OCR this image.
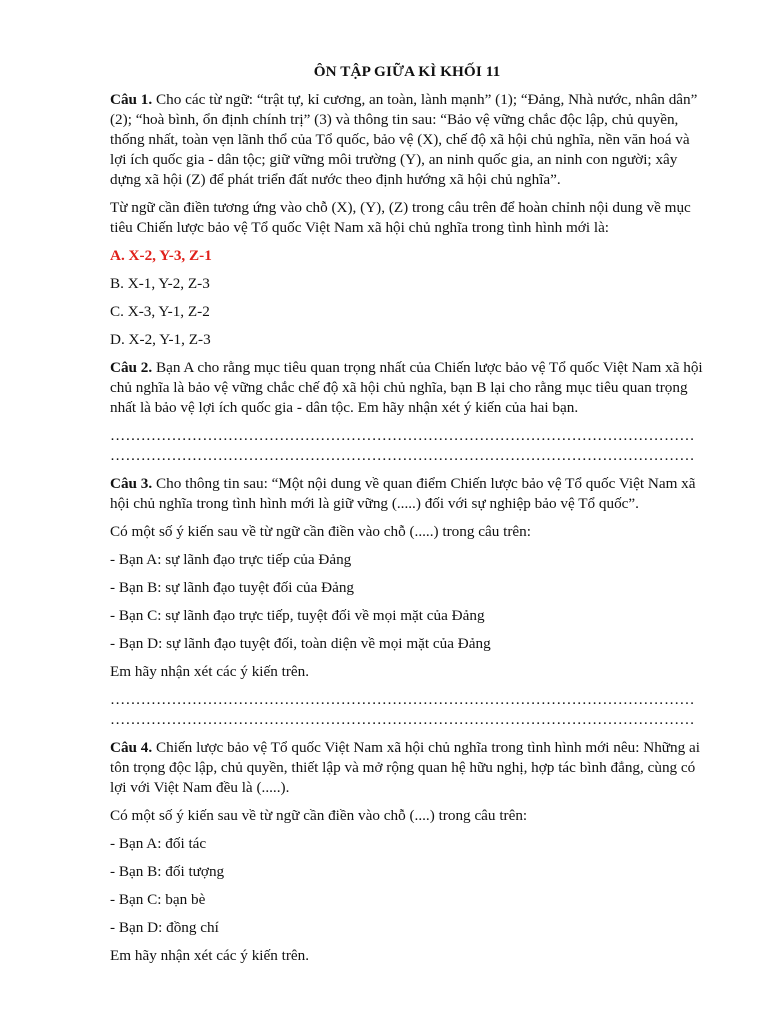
ÔN TẬP GIỮA KÌ KHỐI 11

Câu 1. Cho các từ ngữ: “trật tự, kỉ cương, an toàn, lành mạnh” (1); “Đảng, Nhà nước, nhân dân” (2); “hoà bình, ổn định chính trị” (3) và thông tin sau: “Bảo vệ vững chắc độc lập, chủ quyền, thống nhất, toàn vẹn lãnh thổ của Tổ quốc, bảo vệ (X), chế độ xã hội chủ nghĩa, nền văn hoá và lợi ích quốc gia - dân tộc; giữ vững môi trường (Y), an ninh quốc gia, an ninh con người; xây dựng xã hội (Z) để phát triển đất nước theo định hướng xã hội chủ nghĩa”.

Từ ngữ cần điền tương ứng vào chỗ (X), (Y), (Z) trong câu trên để hoàn chỉnh nội dung về mục tiêu Chiến lược bảo vệ Tổ quốc Việt Nam xã hội chủ nghĩa trong tình hình mới là:

A. X-2, Y-3, Z-1

B. X-1, Y-2, Z-3

C. X-3, Y-1, Z-2

D. X-2, Y-1, Z-3

Câu 2. Bạn A cho rằng mục tiêu quan trọng nhất của Chiến lược bảo vệ Tổ quốc Việt Nam xã hội chủ nghĩa là bảo vệ vững chắc chế độ xã hội chủ nghĩa, bạn B lại cho rằng mục tiêu quan trọng nhất là bảo vệ lợi ích quốc gia - dân tộc. Em hãy nhận xét ý kiến của hai bạn.

……………………………………………………………………………………………………
……………………………………………………………………………………………………

Câu 3. Cho thông tin sau: “Một nội dung về quan điểm Chiến lược bảo vệ Tổ quốc Việt Nam xã hội chủ nghĩa trong tình hình mới là giữ vững (.....) đối với sự nghiệp bảo vệ Tổ quốc”.

Có một số ý kiến sau về từ ngữ cần điền vào chỗ (.....) trong câu trên:

- Bạn A: sự lãnh đạo trực tiếp của Đảng

- Bạn B: sự lãnh đạo tuyệt đối của Đảng

- Bạn C: sự lãnh đạo trực tiếp, tuyệt đối về mọi mặt của Đảng

- Bạn D: sự lãnh đạo tuyệt đối, toàn diện về mọi mặt của Đảng

Em hãy nhận xét các ý kiến trên.

……………………………………………………………………………………………………
……………………………………………………………………………………………………

Câu 4. Chiến lược bảo vệ Tổ quốc Việt Nam xã hội chủ nghĩa trong tình hình mới nêu: Những ai tôn trọng độc lập, chủ quyền, thiết lập và mở rộng quan hệ hữu nghị, hợp tác bình đẳng, cùng có lợi với Việt Nam đều là (.....).

Có một số ý kiến sau về từ ngữ cần điền vào chỗ (....) trong câu trên:

- Bạn A: đối tác

- Bạn B: đối tượng

- Bạn C: bạn bè

- Bạn D: đồng chí

Em hãy nhận xét các ý kiến trên.
